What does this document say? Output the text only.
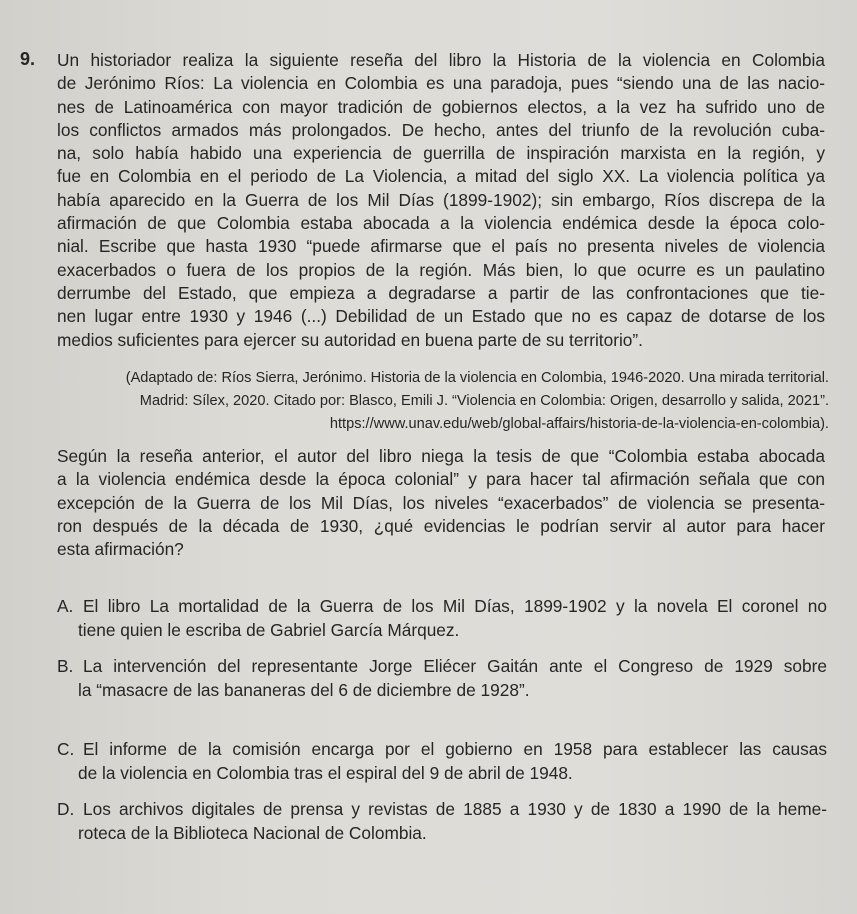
9. Un historiador realiza la siguiente reseña del libro la Historia de la violencia en Colombia
de Jerónimo Ríos: La violencia en Colombia es una paradoja, pues “siendo una de las nacio-
nes de Latinoamérica con mayor tradición de gobiernos electos, a la vez ha sufrido uno de
los conflictos armados más prolongados. De hecho, antes del triunfo de la revolución cuba-
na, solo había habido una experiencia de guerrilla de inspiración marxista en la región, y
fue en Colombia en el periodo de La Violencia, a mitad del siglo XX. La violencia política ya
había aparecido en la Guerra de los Mil Días (1899-1902); sin embargo, Ríos discrepa de la
afirmación de que Colombia estaba abocada a la violencia endémica desde la época colo-
nial. Escribe que hasta 1930 “puede afirmarse que el país no presenta niveles de violencia
exacerbados o fuera de los propios de la región. Más bien, lo que ocurre es un paulatino
derrumbe del Estado, que empieza a degradarse a partir de las confrontaciones que tie-
nen lugar entre 1930 y 1946 (...) Debilidad de un Estado que no es capaz de dotarse de los
medios suficientes para ejercer su autoridad en buena parte de su territorio”.
(Adaptado de: Ríos Sierra, Jerónimo. Historia de la violencia en Colombia, 1946-2020. Una mirada territorial.
Madrid: Sílex, 2020. Citado por: Blasco, Emili J. “Violencia en Colombia: Origen, desarrollo y salida, 2021”.
https://www.unav.edu/web/global-affairs/historia-de-la-violencia-en-colombia).
Según la reseña anterior, el autor del libro niega la tesis de que “Colombia estaba abocada
a la violencia endémica desde la época colonial” y para hacer tal afirmación señala que con
excepción de la Guerra de los Mil Días, los niveles “exacerbados” de violencia se presenta-
ron después de la década de 1930, ¿qué evidencias le podrían servir al autor para hacer
esta afirmación?
A. El libro La mortalidad de la Guerra de los Mil Días, 1899-1902 y la novela El coronel no
tiene quien le escriba de Gabriel García Márquez.
B. La intervención del representante Jorge Eliécer Gaitán ante el Congreso de 1929 sobre
la “masacre de las bananeras del 6 de diciembre de 1928”.
C. El informe de la comisión encarga por el gobierno en 1958 para establecer las causas
de la violencia en Colombia tras el espiral del 9 de abril de 1948.
D. Los archivos digitales de prensa y revistas de 1885 a 1930 y de 1830 a 1990 de la heme-
roteca de la Biblioteca Nacional de Colombia.
